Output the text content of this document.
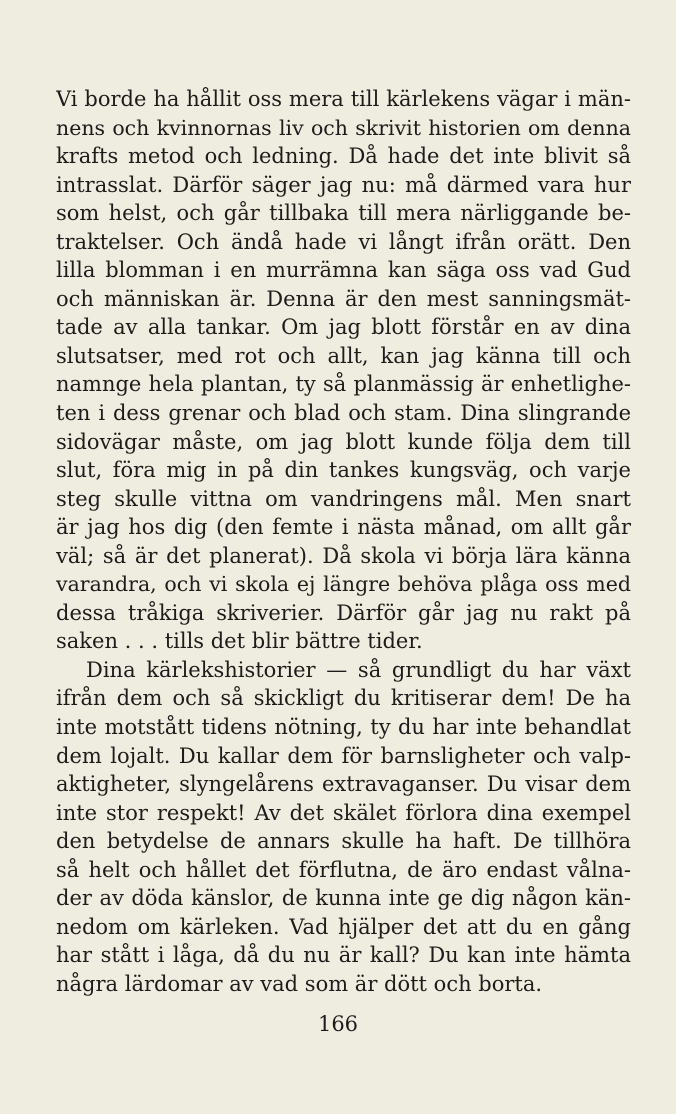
Vi borde ha hållit oss mera till kärlekens vägar i män-
nens och kvinnornas liv och skrivit historien om denna
krafts metod och ledning. Då hade det inte blivit så
intrasslat. Därför säger jag nu: må därmed vara hur
som helst, och går tillbaka till mera närliggande be-
traktelser. Och ändå hade vi långt ifrån orätt. Den
lilla blomman i en murrämna kan säga oss vad Gud
och människan är. Denna är den mest sanningsmät-
tade av alla tankar. Om jag blott förstår en av dina
slutsatser, med rot och allt, kan jag känna till och
namnge hela plantan, ty så planmässig är enhetlighe-
ten i dess grenar och blad och stam. Dina slingrande
sidovägar måste, om jag blott kunde följa dem till
slut, föra mig in på din tankes kungsväg, och varje
steg skulle vittna om vandringens mål. Men snart
är jag hos dig (den femte i nästa månad, om allt går
väl; så är det planerat). Då skola vi börja lära känna
varandra, och vi skola ej längre behöva plåga oss med
dessa tråkiga skriverier. Därför går jag nu rakt på
saken . . . tills det blir bättre tider.
Dina kärlekshistorier — så grundligt du har växt
ifrån dem och så skickligt du kritiserar dem! De ha
inte motstått tidens nötning, ty du har inte behandlat
dem lojalt. Du kallar dem för barnsligheter och valp-
aktigheter, slyngelårens extravaganser. Du visar dem
inte stor respekt! Av det skälet förlora dina exempel
den betydelse de annars skulle ha haft. De tillhöra
så helt och hållet det förflutna, de äro endast vålna-
der av döda känslor, de kunna inte ge dig någon kän-
nedom om kärleken. Vad hjälper det att du en gång
har stått i låga, då du nu är kall? Du kan inte hämta
några lärdomar av vad som är dött och borta.
166
